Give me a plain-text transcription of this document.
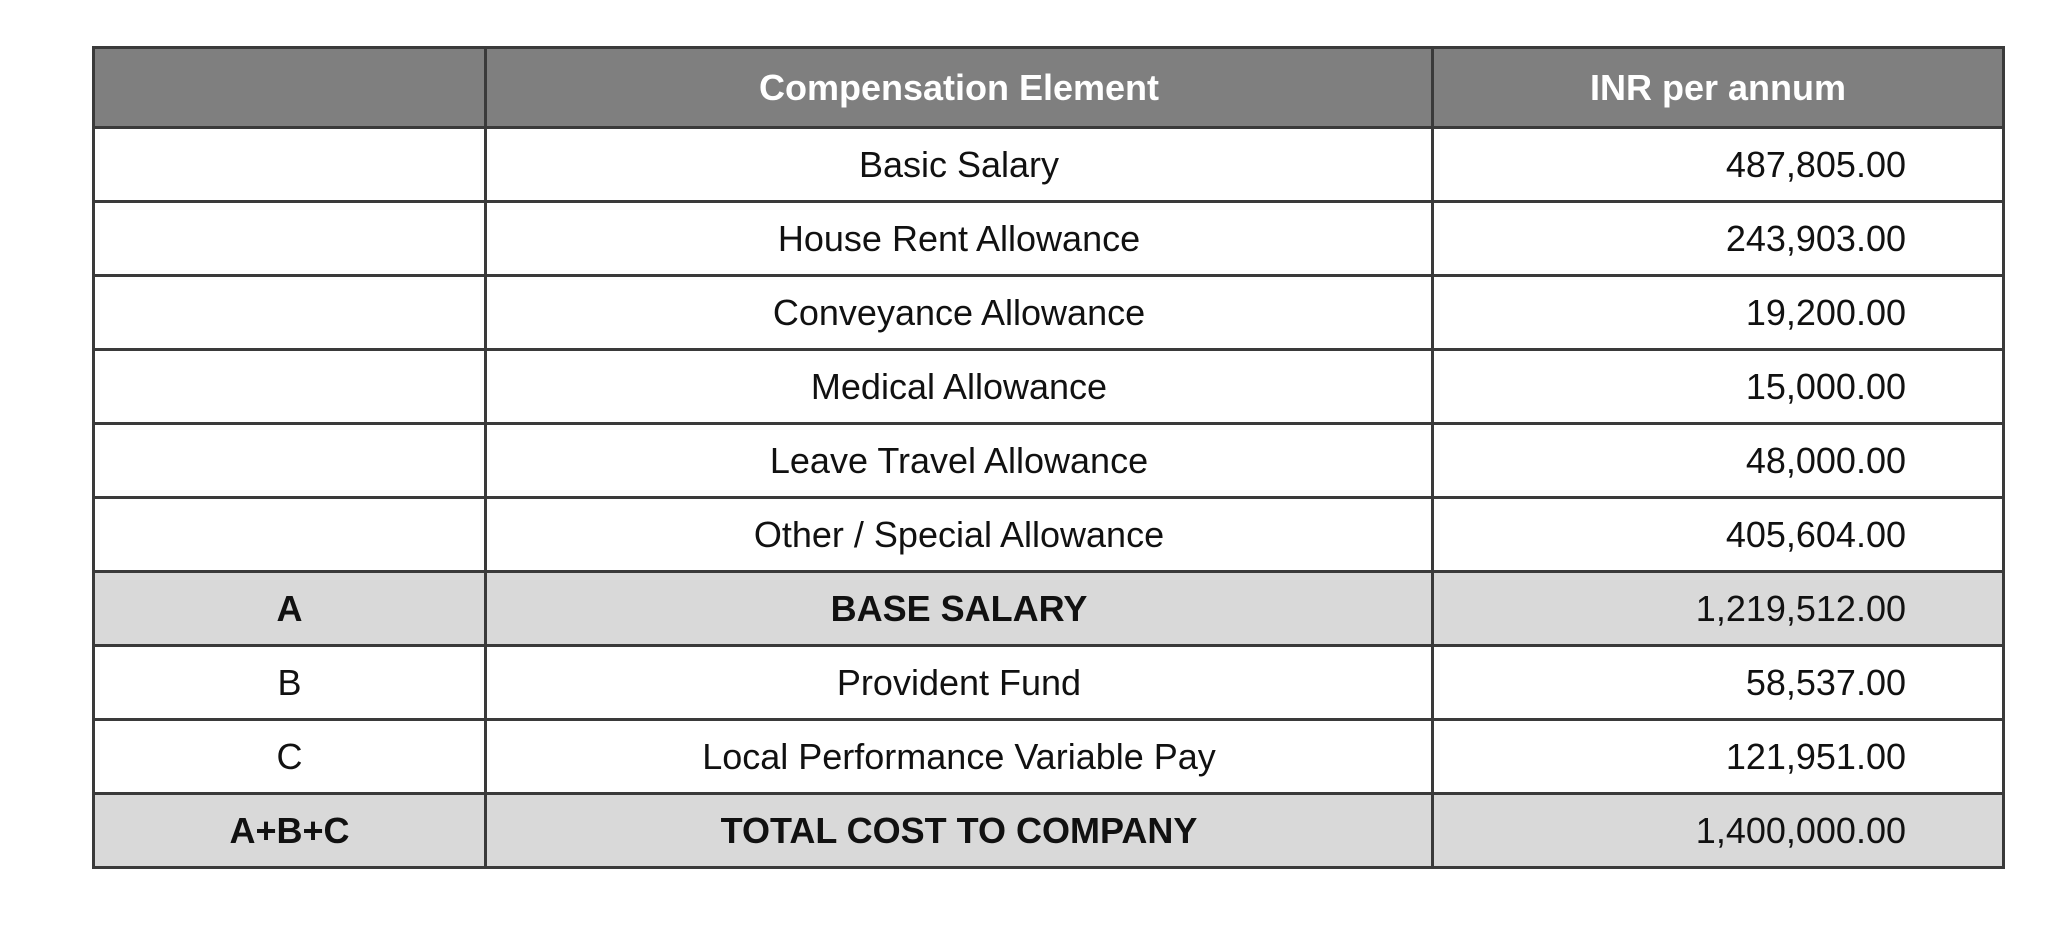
	Compensation Element	INR per annum
	Basic Salary	487,805.00
	House Rent Allowance	243,903.00
	Conveyance Allowance	19,200.00
	Medical Allowance	15,000.00
	Leave Travel Allowance	48,000.00
	Other / Special Allowance	405,604.00
A	BASE SALARY	1,219,512.00
B	Provident Fund	58,537.00
C	Local Performance Variable Pay	121,951.00
A+B+C	TOTAL COST TO COMPANY	1,400,000.00
